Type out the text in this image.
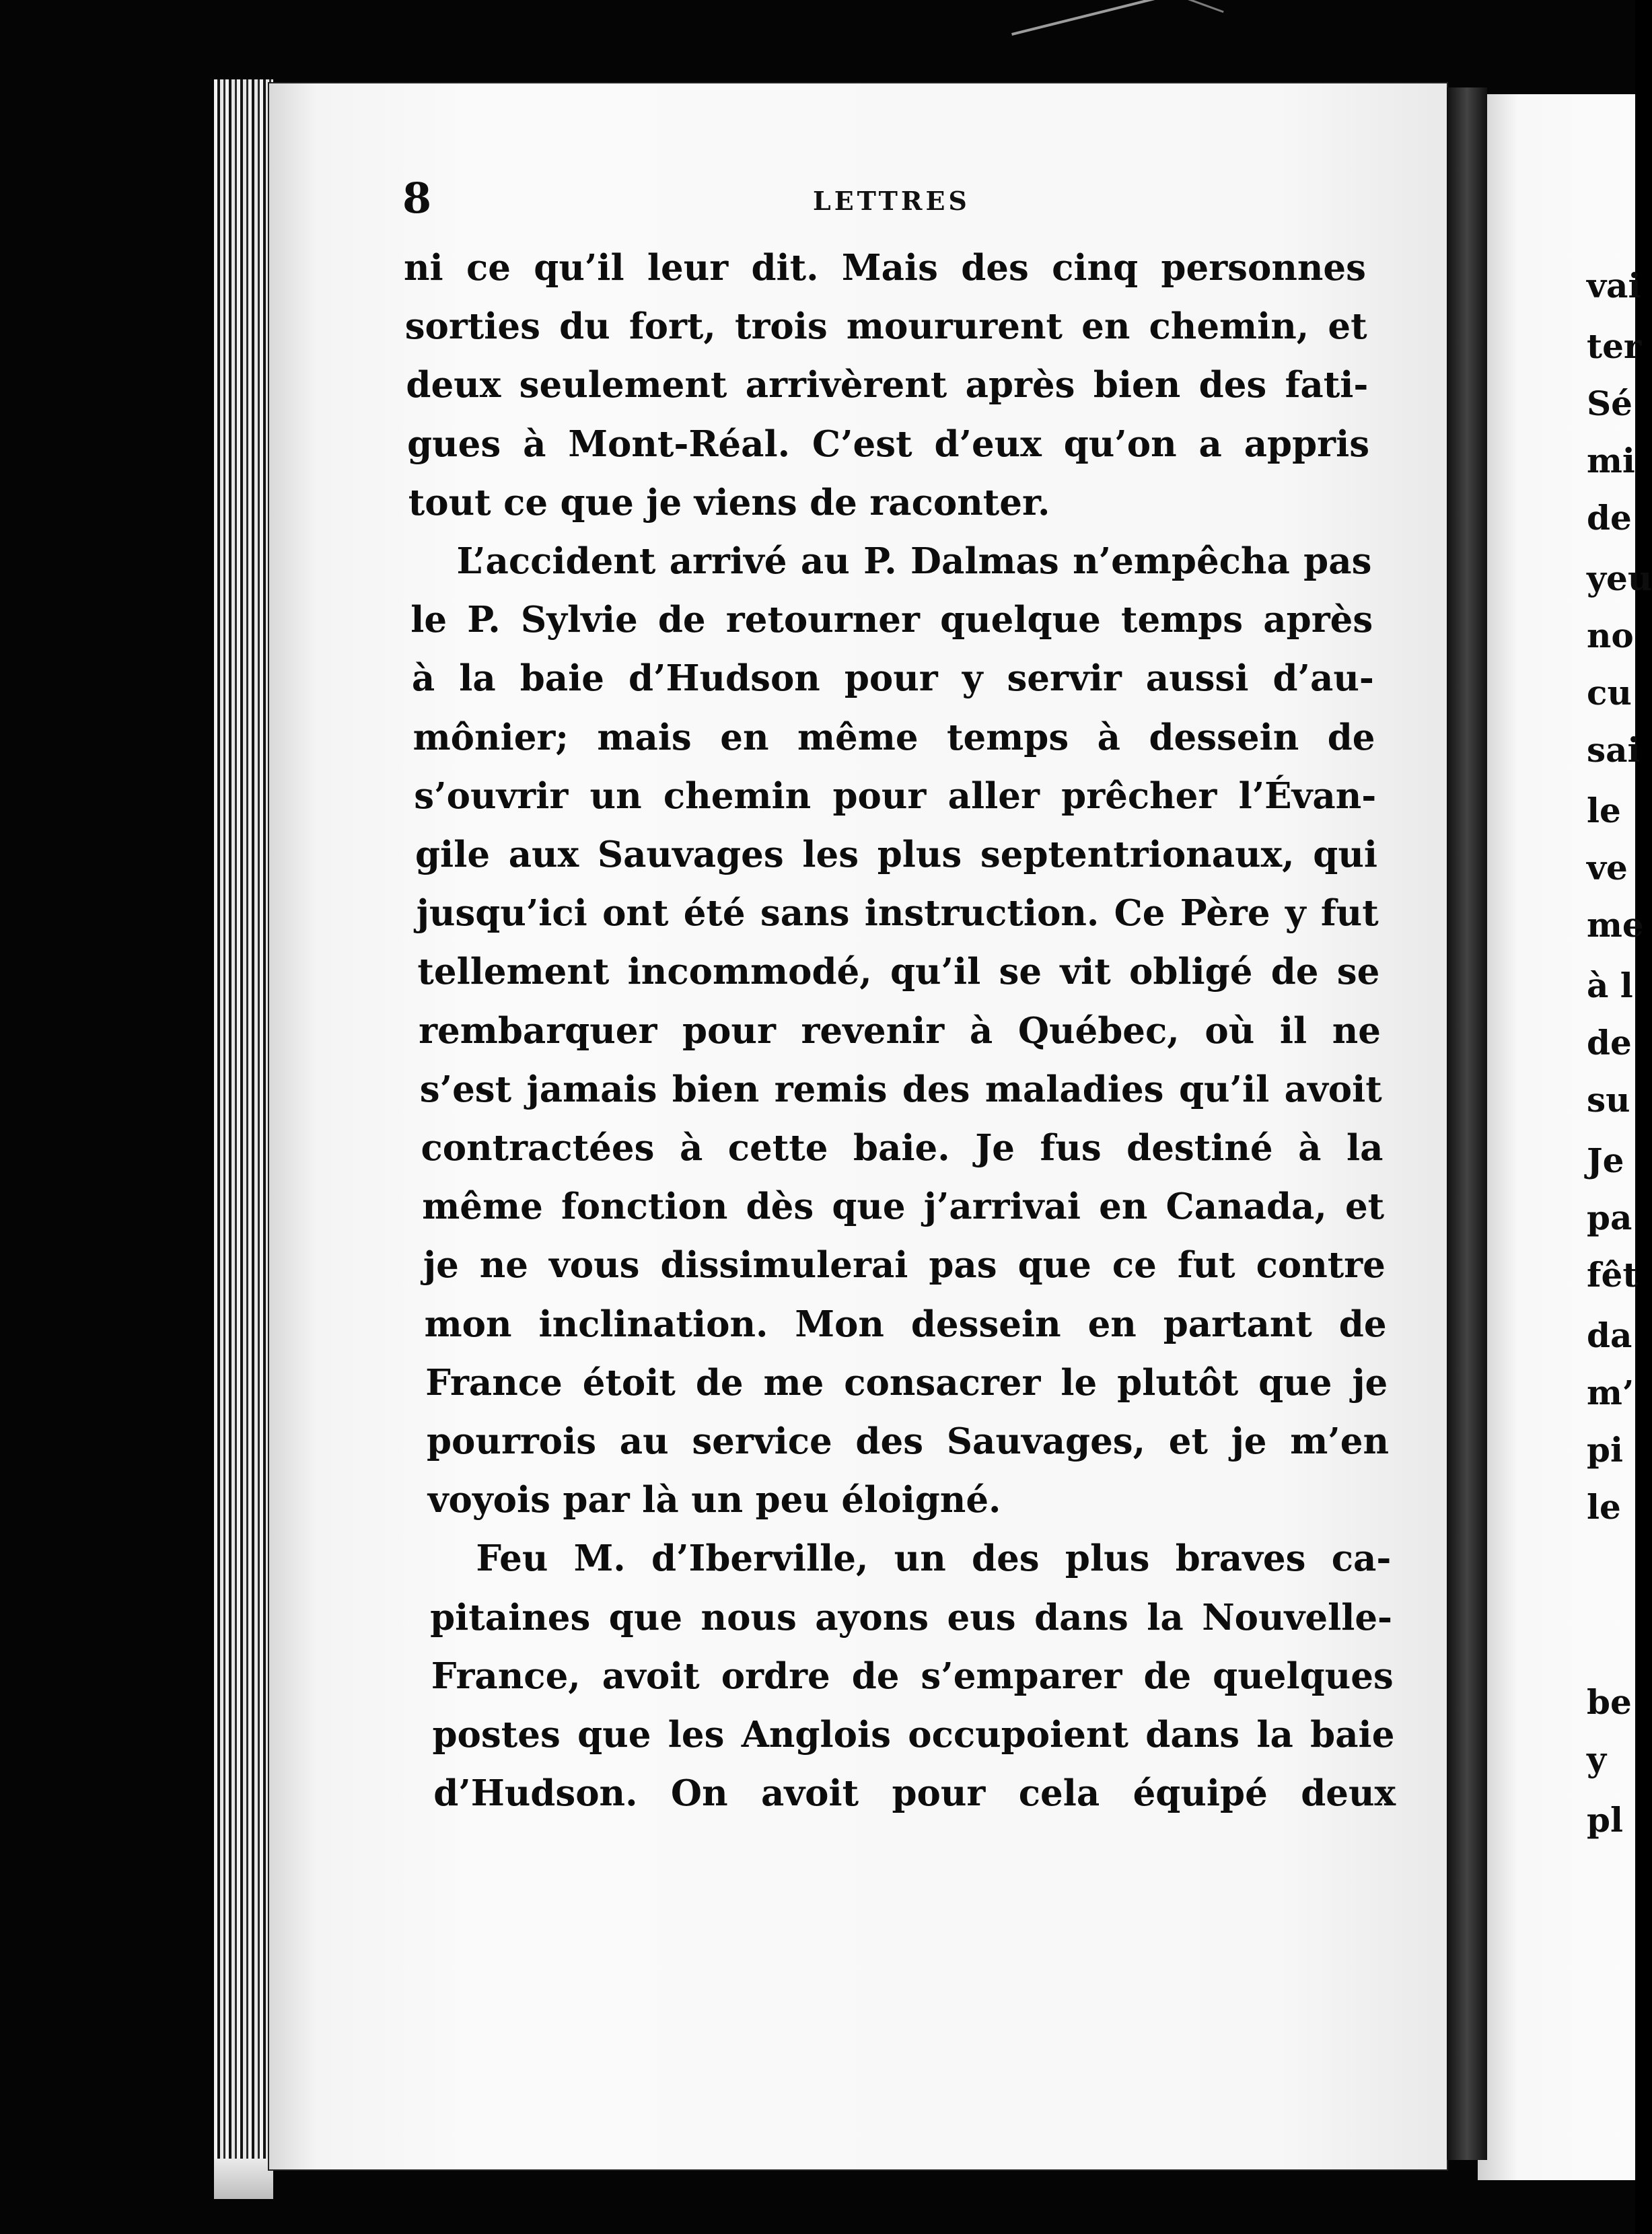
8	LETTRES
ni ce qu’il leur dit. Mais des cinq personnes
sorties du fort, trois moururent en chemin, et
deux seulement arrivèrent après bien des fati-
gues à Mont-Réal. C’est d’eux qu’on a appris
tout ce que je viens de raconter.
L’accident arrivé au P. Dalmas n’empêcha pas
le P. Sylvie de retourner quelque temps après
à la baie d’Hudson pour y servir aussi d’au-
mônier; mais en même temps à dessein de
s’ouvrir un chemin pour aller prêcher l’Évan-
gile aux Sauvages les plus septentrionaux, qui
jusqu’ici ont été sans instruction. Ce Père y fut
tellement incommodé, qu’il se vit obligé de se
rembarquer pour revenir à Québec, où il ne
s’est jamais bien remis des maladies qu’il avoit
contractées à cette baie. Je fus destiné à la
même fonction dès que j’arrivai en Canada, et
je ne vous dissimulerai pas que ce fut contre
mon inclination. Mon dessein en partant de
France étoit de me consacrer le plutôt que je
pourrois au service des Sauvages, et je m’en
voyois par là un peu éloigné.
Feu M. d’Iberville, un des plus braves ca-
pitaines que nous ayons eus dans la Nouvelle-
France, avoit ordre de s’emparer de quelques
postes que les Anglois occupoient dans la baie
d’Hudson. On avoit pour cela équipé deux
vai
ter
Sé
mi
de
yeu
no
cu
sai
le
ve
me
à l
de
su
Je
pa
fêt
da
m’
pi
le
be
y
pl
